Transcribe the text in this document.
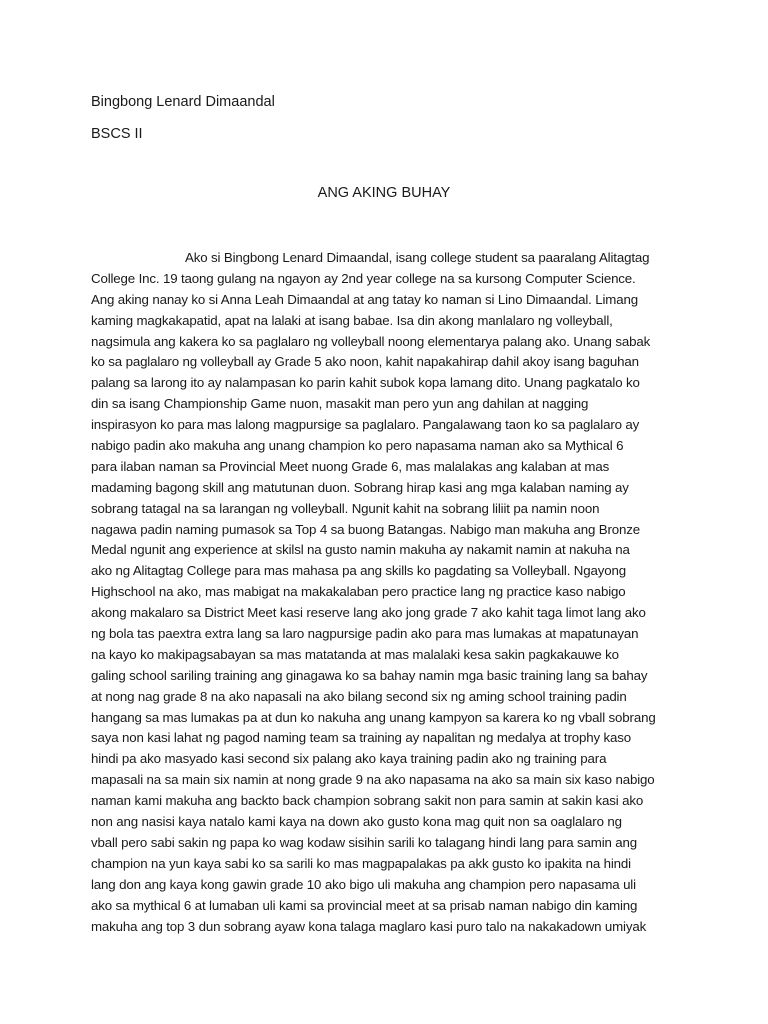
Bingbong Lenard Dimaandal
BSCS II
ANG AKING BUHAY
Ako si Bingbong Lenard Dimaandal, isang college student sa paaralang Alitagtag
College Inc. 19 taong gulang na ngayon ay 2nd year college na sa kursong Computer Science.
Ang aking nanay ko si Anna Leah Dimaandal at ang tatay ko naman si Lino Dimaandal. Limang
kaming magkakapatid, apat na lalaki at isang babae. Isa din akong manlalaro ng volleyball,
nagsimula ang kakera ko sa paglalaro ng volleyball noong elementarya palang ako. Unang sabak
ko sa paglalaro ng volleyball ay Grade 5 ako noon, kahit napakahirap dahil akoy isang baguhan
palang sa larong ito ay nalampasan ko parin kahit subok kopa lamang dito. Unang pagkatalo ko
din sa isang Championship Game nuon, masakit man pero yun ang dahilan at nagging
inspirasyon ko para mas lalong magpursige sa paglalaro. Pangalawang taon ko sa paglalaro ay
nabigo padin ako makuha ang unang champion ko pero napasama naman ako sa Mythical 6
para ilaban naman sa Provincial Meet nuong Grade 6, mas malalakas ang kalaban at mas
madaming bagong skill ang matutunan duon. Sobrang hirap kasi ang mga kalaban naming ay
sobrang tatagal na sa larangan ng volleyball. Ngunit kahit na sobrang liliit pa namin noon
nagawa padin naming pumasok sa Top 4 sa buong Batangas. Nabigo man makuha ang Bronze
Medal ngunit ang experience at skilsl na gusto namin makuha ay nakamit namin at nakuha na
ako ng Alitagtag College para mas mahasa pa ang skills ko pagdating sa Volleyball. Ngayong
Highschool na ako, mas mabigat na makakalaban pero practice lang ng practice kaso nabigo
akong makalaro sa District Meet kasi reserve lang ako jong grade 7 ako kahit taga limot lang ako
ng bola tas paextra extra lang sa laro nagpursige padin ako para mas lumakas at mapatunayan
na kayo ko makipagsabayan sa mas matatanda at mas malalaki kesa sakin pagkakauwe ko
galing school sariling training ang ginagawa ko sa bahay namin mga basic training lang sa bahay
at nong nag grade 8 na ako napasali na ako bilang second six ng aming school training padin
hangang sa mas lumakas pa at dun ko nakuha ang unang kampyon sa karera ko ng vball sobrang
saya non kasi lahat ng pagod naming team sa training ay napalitan ng medalya at trophy kaso
hindi pa ako masyado kasi second six palang ako kaya training padin ako ng training para
mapasali na sa main six namin at nong grade 9 na ako napasama na ako sa main six kaso nabigo
naman kami makuha ang backto back champion sobrang sakit non para samin at sakin kasi ako
non ang nasisi kaya natalo kami kaya na down ako gusto kona mag quit non sa oaglalaro ng
vball pero sabi sakin ng papa ko wag kodaw sisihin sarili ko talagang hindi lang para samin ang
champion na yun kaya sabi ko sa sarili ko mas magpapalakas pa akk gusto ko ipakita na hindi
lang don ang kaya kong gawin grade 10 ako bigo uli makuha ang champion pero napasama uli
ako sa mythical 6 at lumaban uli kami sa provincial meet at sa prisab naman nabigo din kaming
makuha ang top 3 dun sobrang ayaw kona talaga maglaro kasi puro talo na nakakadown umiyak
